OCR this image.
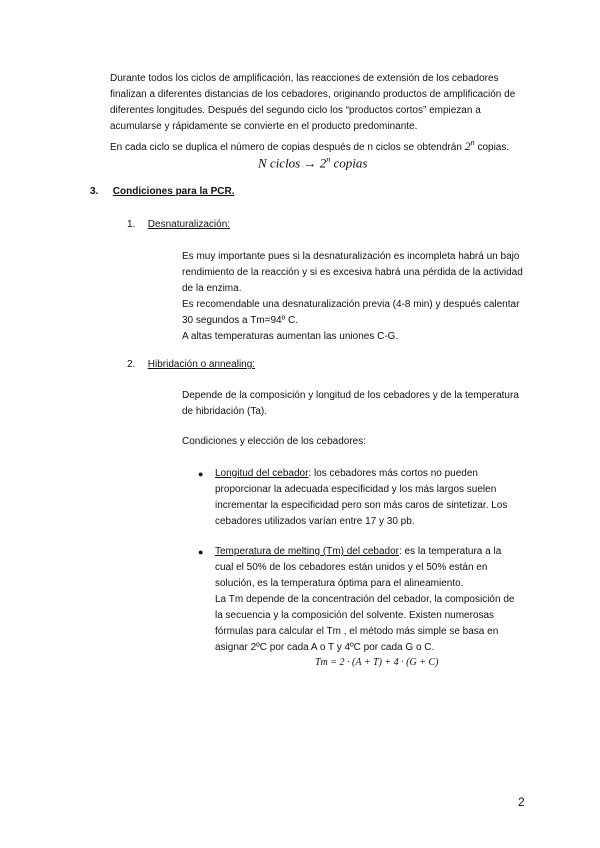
Durante todos los ciclos de amplificación, las reacciones de extensión de los cebadores

finalizan a diferentes distancias de los cebadores, originando productos de amplificación de

diferentes longitudes. Después del segundo ciclo los “productos cortos” empiezan a

acumularse y rápidamente se convierte en el producto predominante.

En cada ciclo se duplica el número de copias después de n ciclos se obtendrán 2$^n$ copias.

N ciclos → $2^n$ copias
3. Condiciones para la PCR.
1. Desnaturalización:

Es muy importante pues si la desnaturalización es incompleta habrá un bajo

rendimiento de la reacción y si es excesiva habrá una pérdida de la actividad

de la enzima.

Es recomendable una desnaturalización previa (4-8 min) y después calentar

30 segundos a Tm=94º C.

A altas temperaturas aumentan las uniones C-G.

2. Hibridación o annealing:

Depende de la composición y longitud de los cebadores y de la temperatura

de hibridación (Ta).

Condiciones y elección de los cebadores:
● Longitud del cebador: los cebadores más cortos no pueden

proporcionar la adecuada especificidad y los más largos suelen

incrementar la especificidad pero son más caros de sintetizar. Los

cebadores utilizados varían entre 17 y 30 pb.

● Temperatura de melting (Tm) del cebador: es la temperatura a la

cual el 50% de los cebadores están unidos y el 50% están en

solución, es la temperatura óptima para el alineamiento.

La Tm depende de la concentración del cebador, la composición de

la secuencia y la composición del solvente. Existen numerosas

fórmulas para calcular el Tm , el método más simple se basa en

asignar 2ºC por cada A o T y 4ºC por cada G o C.

Tm = 2 · (A + T) + 4 · (G + C)
2
